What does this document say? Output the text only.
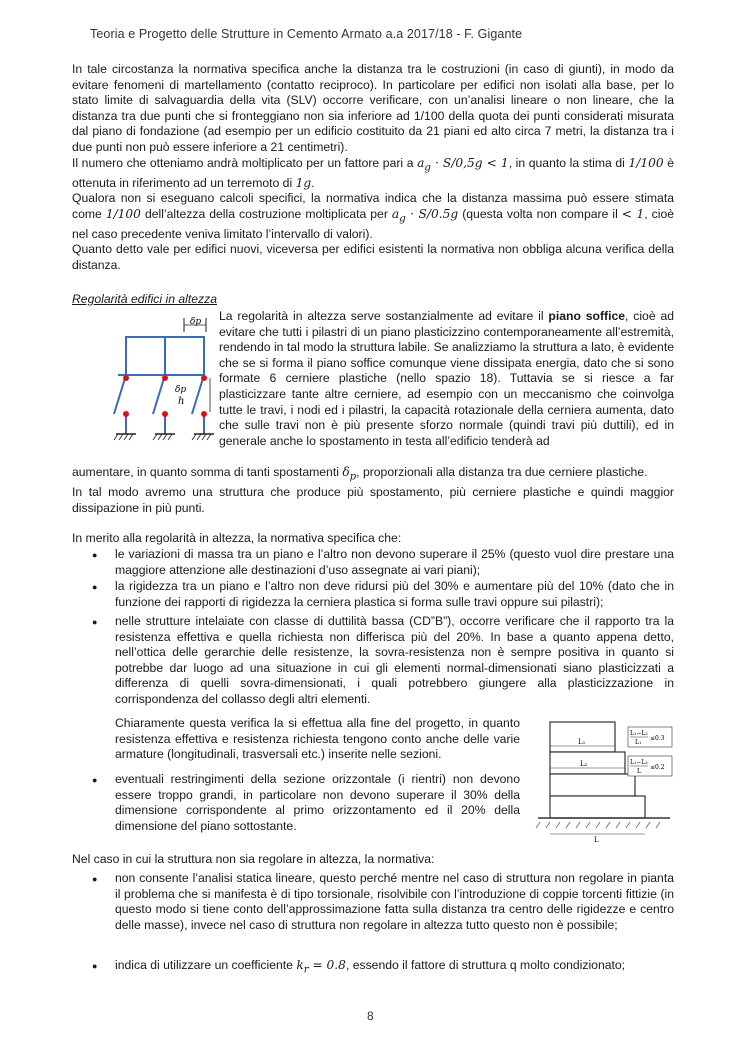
Teoria e Progetto delle Strutture in Cemento Armato a.a 2017/18 - F. Gigante

In tale circostanza la normativa specifica anche la distanza tra le costruzioni (in caso di giunti), in modo da evitare fenomeni di martellamento (contatto reciproco). In particolare per edifici non isolati alla base, per lo stato limite di salvaguardia della vita (SLV) occorre verificare, con un’analisi lineare o non lineare, che la distanza tra due punti che si fronteggiano non sia inferiore ad 1/100 della quota dei punti considerati misurata dal piano di fondazione (ad esempio per un edificio costituito da 21 piani ed alto circa 7 metri, la distanza tra i due punti non può essere inferiore a 21 centimetri).

Il numero che otteniamo andrà moltiplicato per un fattore pari a $a_g \cdot S/0,5g < 1$, in quanto la stima di 1/100 è ottenuta in riferimento ad un terremoto di 1g.

Qualora non si eseguano calcoli specifici, la normativa indica che la distanza massima può essere stimata come 1/100 dell’altezza della costruzione moltiplicata per $a_g \cdot S/0.5g$ (questa volta non compare il < 1, cioè nel caso precedente veniva limitato l’intervallo di valori).

Quanto detto vale per edifici nuovi, viceversa per edifici esistenti la normativa non obbliga alcuna verifica della distanza.

Regolarità edifici in altezza
δp
δp
h
La regolarità in altezza serve sostanzialmente ad evitare il piano soffice, cioè ad evitare che tutti i pilastri di un piano plasticizzino contemporaneamente all’estremità, rendendo in tal modo la struttura labile. Se analizziamo la struttura a lato, è evidente che se si forma il piano soffice comunque viene dissipata energia, dato che si sono formate 6 cerniere plastiche (nello spazio 18). Tuttavia se si riesce a far plasticizzare tante altre cerniere, ad esempio con un meccanismo che coinvolga tutte le travi, i nodi ed i pilastri, la capacità rotazionale della cerniera aumenta, dato che sulle travi non è più presente sforzo normale (quindi travi più duttili), ed in generale anche lo spostamento in testa all’edificio tenderà ad

aumentare, in quanto somma di tanti spostamenti $\delta_p$, proporzionali alla distanza tra due cerniere plastiche.

In tal modo avremo una struttura che produce più spostamento, più cerniere plastiche e quindi maggior dissipazione in più punti.

In merito alla regolarità in altezza, la normativa specifica che:
● le variazioni di massa tra un piano e l’altro non devono superare il 25% (questo vuol dire prestare una maggiore attenzione alle destinazioni d’uso assegnate ai vari piani);
● la rigidezza tra un piano e l’altro non deve ridursi più del 30% e aumentare più del 10% (dato che in funzione dei rapporti di rigidezza la cerniera plastica si forma sulle travi oppure sui pilastri);
● nelle strutture intelaiate con classe di duttilità bassa (CD”B”), occorre verificare che il rapporto tra la resistenza effettiva e quella richiesta non differisca più del 20%. In base a quanto appena detto, nell’ottica delle gerarchie delle resistenze, la sovra-resistenza non è sempre positiva in quanto si potrebbe dar luogo ad una situazione in cui gli elementi normal-dimensionati siano plasticizzati a differenza di quelli sovra-dimensionati, i quali potrebbero giungere alla plasticizzazione in corrispondenza del collasso degli altri elementi.
Chiaramente questa verifica la si effettua alla fine del progetto, in quanto resistenza effettiva e resistenza richiesta tengono conto anche delle varie armature (longitudinali, trasversali etc.) inserite nelle sezioni.
● eventuali restringimenti della sezione orizzontale (i rientri) non devono essere troppo grandi, in particolare non devono superare il 30% della dimensione corrispondente al primo orizzontamento ed il 20% della dimensione del piano sottostante.
L₁
L₂
L
L₁−L₂
L₁
≤0.3
L₁−L₂
L
≤0.2
Nel caso in cui la struttura non sia regolare in altezza, la normativa:
● non consente l’analisi statica lineare, questo perché mentre nel caso di struttura non regolare in pianta il problema che si manifesta è di tipo torsionale, risolvibile con l’introduzione di coppie torcenti fittizie (in questo modo si tiene conto dell’approssimazione fatta sulla distanza tra centro delle rigidezze e centro delle masse), invece nel caso di struttura non regolare in altezza tutto questo non è possibile;
● indica di utilizzare un coefficiente $k_r = 0.8$, essendo il fattore di struttura q molto condizionato;
8
